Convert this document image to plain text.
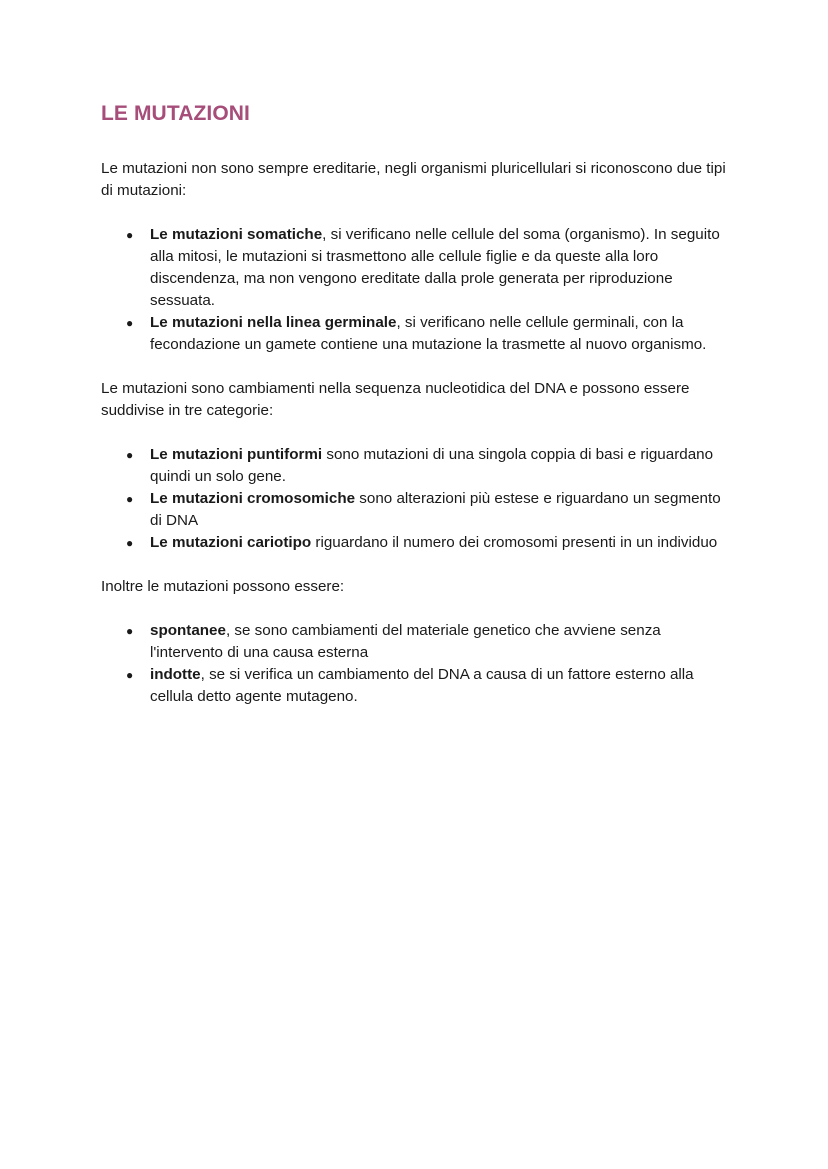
LE MUTAZIONI

Le mutazioni non sono sempre ereditarie, negli organismi pluricellulari si riconoscono due tipi di mutazioni:

● Le mutazioni somatiche, si verificano nelle cellule del soma (organismo). In seguito alla mitosi, le mutazioni si trasmettono alle cellule figlie e da queste alla loro discendenza, ma non vengono ereditate dalla prole generata per riproduzione sessuata.
● Le mutazioni nella linea germinale, si verificano nelle cellule germinali, con la fecondazione un gamete contiene una mutazione la trasmette al nuovo organismo.

Le mutazioni sono cambiamenti nella sequenza nucleotidica del DNA e possono essere suddivise in tre categorie:

● Le mutazioni puntiformi sono mutazioni di una singola coppia di basi e riguardano quindi un solo gene.
● Le mutazioni cromosomiche sono alterazioni più estese e riguardano un segmento di DNA
● Le mutazioni cariotipo riguardano il numero dei cromosomi presenti in un individuo

Inoltre le mutazioni possono essere:

● spontanee, se sono cambiamenti del materiale genetico che avviene senza l'intervento di una causa esterna
● indotte, se si verifica un cambiamento del DNA a causa di un fattore esterno alla cellula detto agente mutageno.
